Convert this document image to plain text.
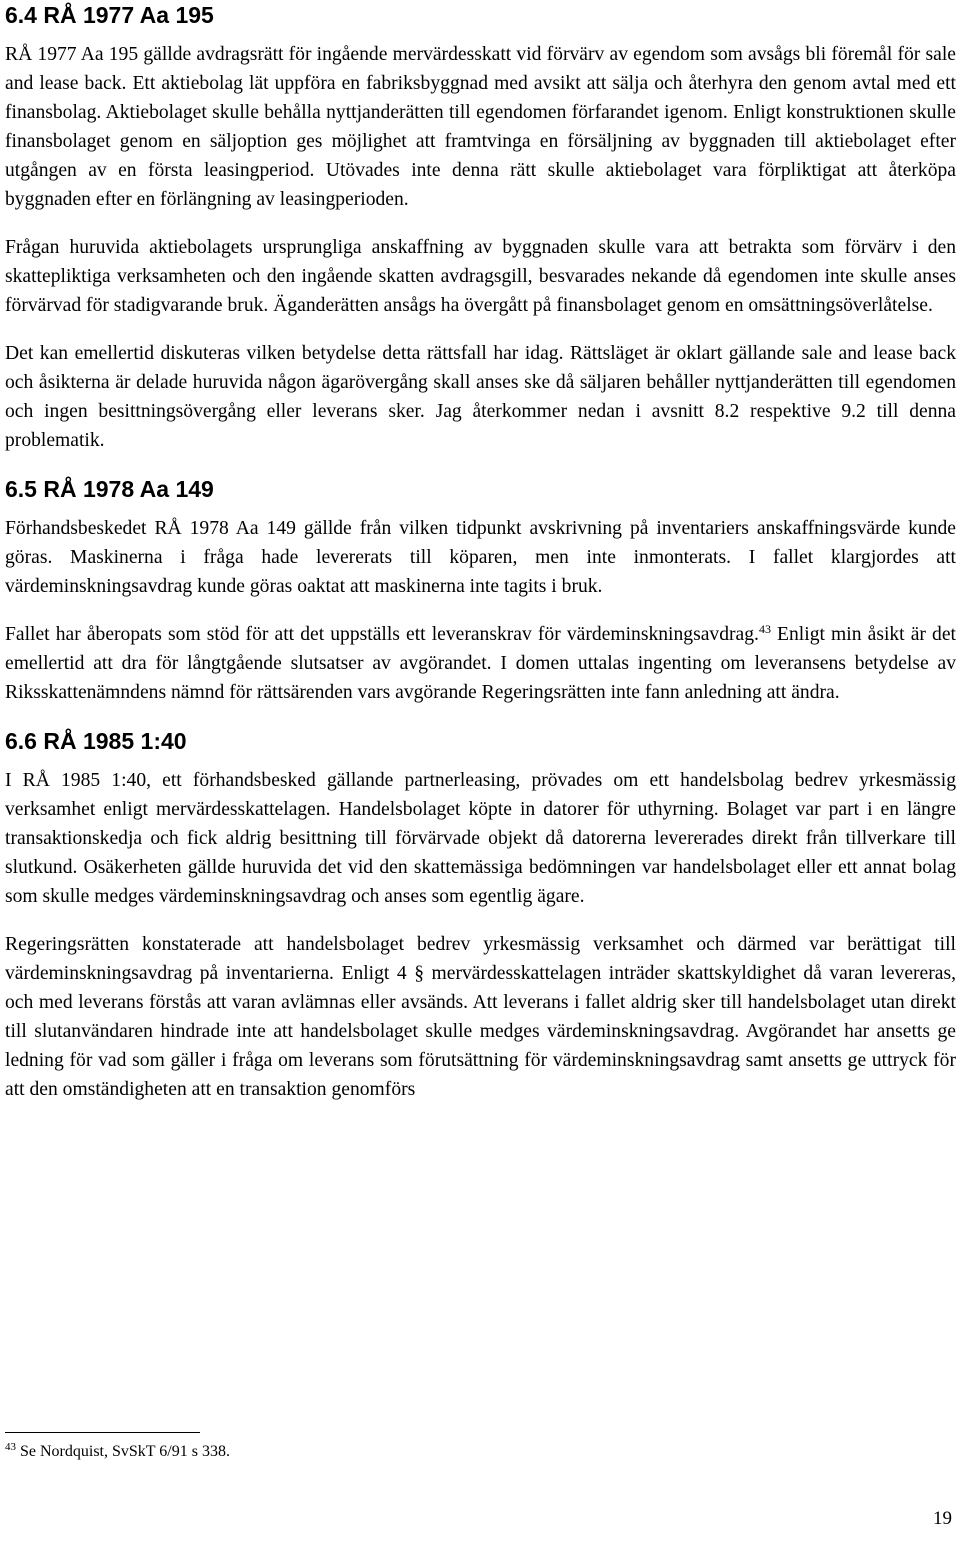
6.4 RÅ 1977 Aa 195

RÅ 1977 Aa 195 gällde avdragsrätt för ingående mervärdesskatt vid förvärv av egendom som avsågs bli föremål för sale and lease back. Ett aktiebolag lät uppföra en fabriksbyggnad med avsikt att sälja och återhyra den genom avtal med ett finansbolag. Aktiebolaget skulle behålla nyttjanderätten till egendomen förfarandet igenom. Enligt konstruktionen skulle finansbolaget genom en säljoption ges möjlighet att framtvinga en försäljning av byggnaden till aktiebolaget efter utgången av en första leasingperiod. Utövades inte denna rätt skulle aktiebolaget vara förpliktigat att återköpa byggnaden efter en förlängning av leasingperioden.

Frågan huruvida aktiebolagets ursprungliga anskaffning av byggnaden skulle vara att betrakta som förvärv i den skattepliktiga verksamheten och den ingående skatten avdragsgill, besvarades nekande då egendomen inte skulle anses förvärvad för stadigvarande bruk. Äganderätten ansågs ha övergått på finansbolaget genom en omsättningsöverlåtelse.

Det kan emellertid diskuteras vilken betydelse detta rättsfall har idag. Rättsläget är oklart gällande sale and lease back och åsikterna är delade huruvida någon ägarövergång skall anses ske då säljaren behåller nyttjanderätten till egendomen och ingen besittningsövergång eller leverans sker. Jag återkommer nedan i avsnitt 8.2 respektive 9.2 till denna problematik.

6.5 RÅ 1978 Aa 149

Förhandsbeskedet RÅ 1978 Aa 149 gällde från vilken tidpunkt avskrivning på inventariers anskaffningsvärde kunde göras. Maskinerna i fråga hade levererats till köparen, men inte inmonterats. I fallet klargjordes att värdeminskningsavdrag kunde göras oaktat att maskinerna inte tagits i bruk.

Fallet har åberopats som stöd för att det uppställs ett leveranskrav för värdeminskningsavdrag.$^{43}$ Enligt min åsikt är det emellertid att dra för långtgående slutsatser av avgörandet. I domen uttalas ingenting om leveransens betydelse av Riksskattenämndens nämnd för rättsärenden vars avgörande Regeringsrätten inte fann anledning att ändra.

6.6 RÅ 1985 1:40

I RÅ 1985 1:40, ett förhandsbesked gällande partnerleasing, prövades om ett handelsbolag bedrev yrkesmässig verksamhet enligt mervärdesskattelagen. Handelsbolaget köpte in datorer för uthyrning. Bolaget var part i en längre transaktionskedja och fick aldrig besittning till förvärvade objekt då datorerna levererades direkt från tillverkare till slutkund. Osäkerheten gällde huruvida det vid den skattemässiga bedömningen var handelsbolaget eller ett annat bolag som skulle medges värdeminskningsavdrag och anses som egentlig ägare.

Regeringsrätten konstaterade att handelsbolaget bedrev yrkesmässig verksamhet och därmed var berättigat till värdeminskningsavdrag på inventarierna. Enligt 4 § mervärdesskattelagen inträder skattskyldighet då varan levereras, och med leverans förstås att varan avlämnas eller avsänds. Att leverans i fallet aldrig sker till handelsbolaget utan direkt till slutanvändaren hindrade inte att handelsbolaget skulle medges värdeminskningsavdrag. Avgörandet har ansetts ge ledning för vad som gäller i fråga om leverans som förutsättning för värdeminskningsavdrag samt ansetts ge uttryck för att den omständigheten att en transaktion genomförs

$^{43}$ Se Nordquist, SvSkT 6/91 s 338.
19
